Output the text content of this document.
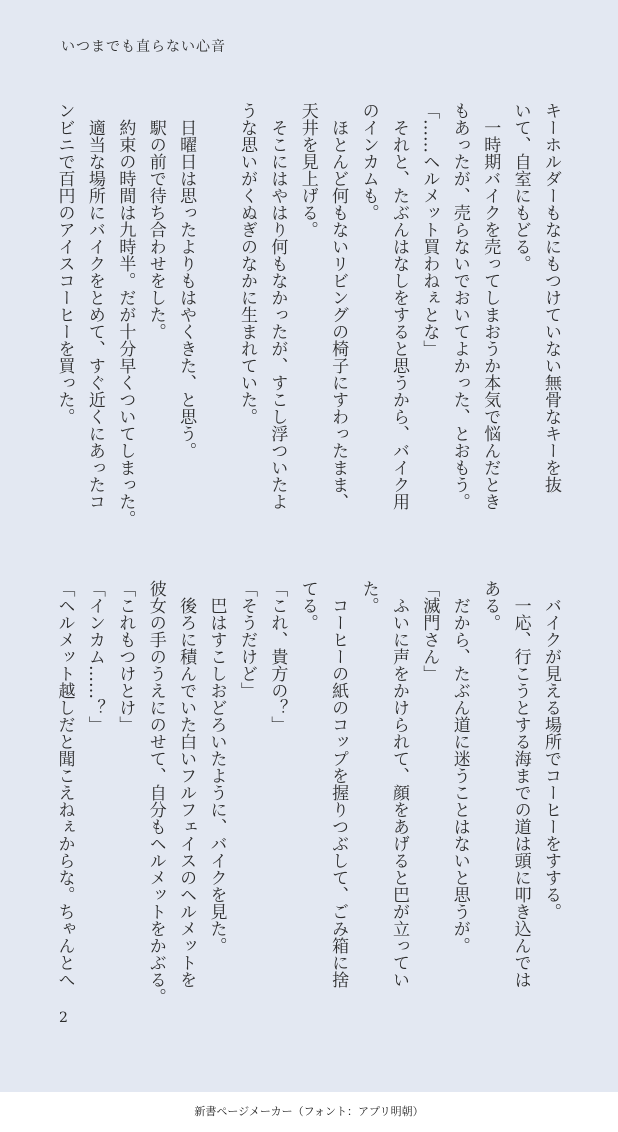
いつまでも直らない心音

キーホルダーもなにもつけていない無骨なキーを抜

いて、自室にもどる。

　一時期バイクを売ってしまおうか本気で悩んだとき

もあったが、売らないでおいてよかった、とおもう。

「……ヘルメット買わねぇとな」

　それと、たぶんはなしをすると思うから、バイク用

のインカムも。

　ほとんど何もないリビングの椅子にすわったまま、

天井を見上げる。

　そこにはやはり何もなかったが、すこし浮ついたよ

うな思いがくぬぎのなかに生まれていた。

　日曜日は思ったよりもはやくきた、と思う。

　駅の前で待ち合わせをした。

　約束の時間は九時半。だが十分早くついてしまった。

　適当な場所にバイクをとめて、すぐ近くにあったコ

ンビニで百円のアイスコーヒーを買った。

　バイクが見える場所でコーヒーをすする。

　一応、行こうとする海までの道は頭に叩き込んでは

ある。

　だから、たぶん道に迷うことはないと思うが。

「滅門さん」

　ふいに声をかけられて、顔をあげると巴が立ってい

た。

　コーヒーの紙のコップを握りつぶして、ごみ箱に捨

てる。

「これ、貴方の？」

「そうだけど」

　巴はすこしおどろいたように、バイクを見た。

　後ろに積んでいた白いフルフェイスのヘルメットを

彼女の手のうえにのせて、自分もヘルメットをかぶる。

「これもつけとけ」

「インカム……？」

「ヘルメット越しだと聞こえねぇからな。ちゃんとへ

2
新書ページメーカー（フォント：アプリ明朝）
